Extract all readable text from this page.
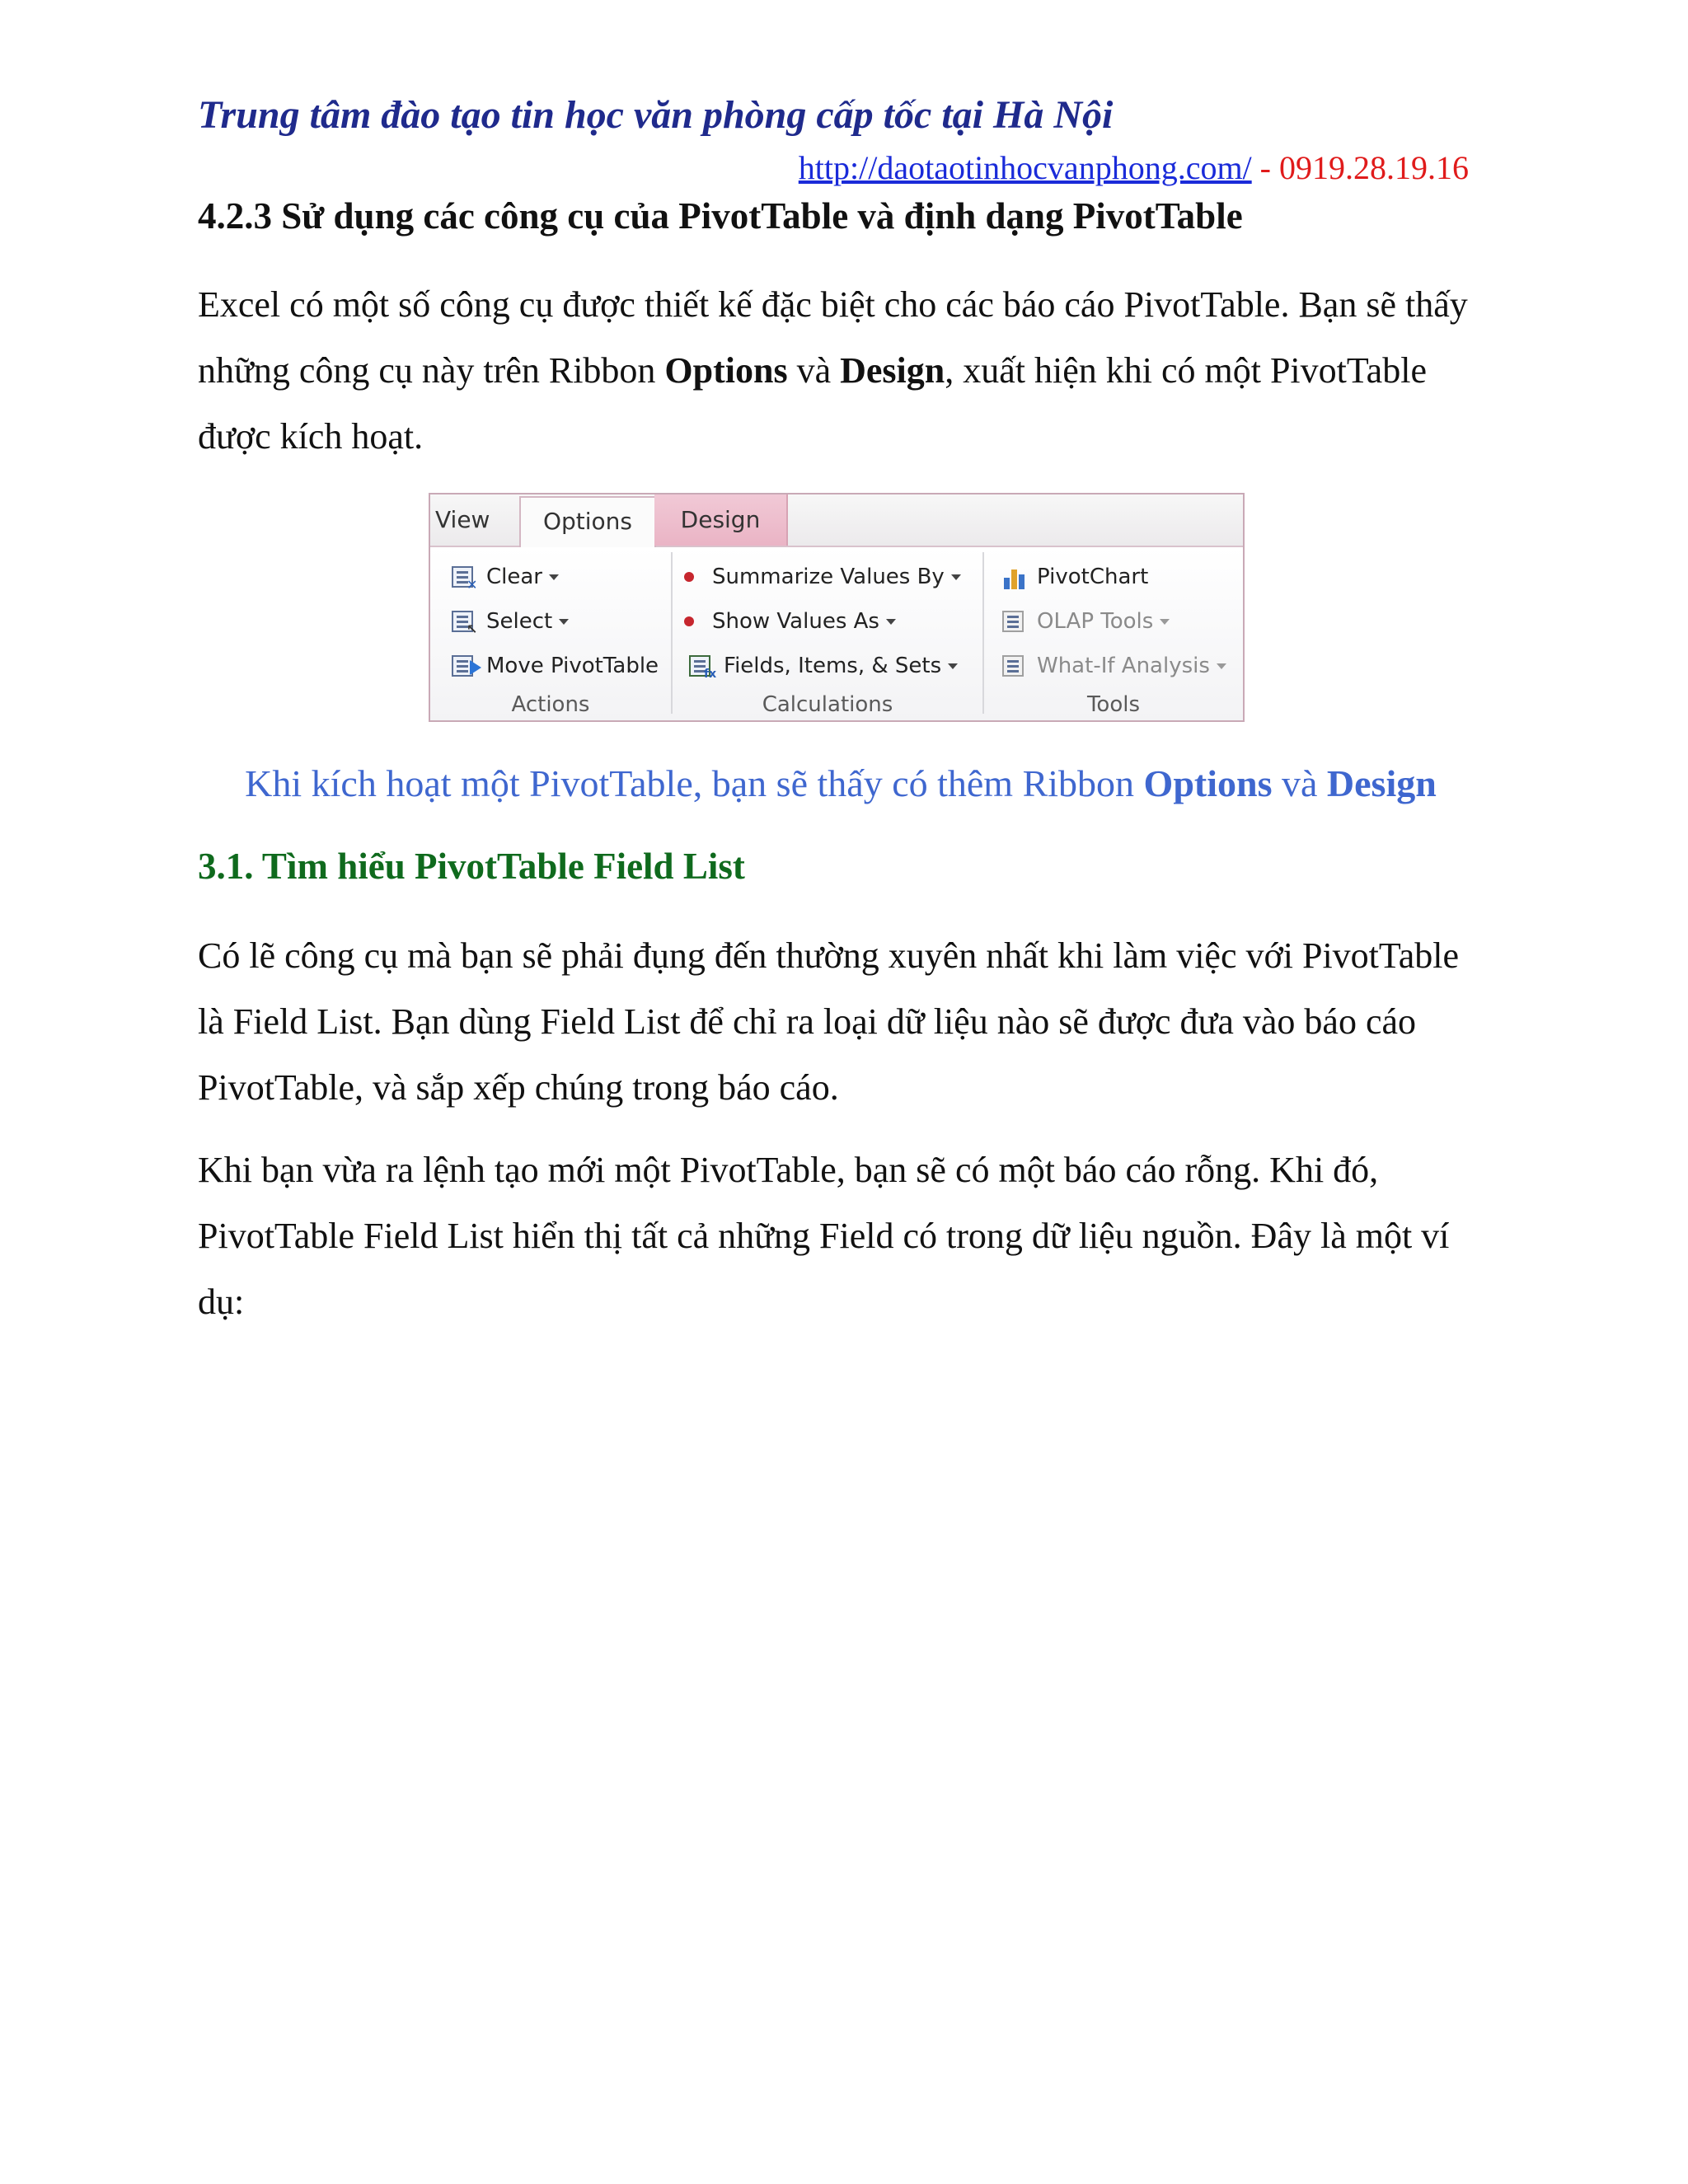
Trung tâm đào tạo tin học văn phòng cấp tốc tại Hà Nội
http://daotaotinhocvanphong.com/ - 0919.28.19.16
4.2.3 Sử dụng các công cụ của PivotTable và định dạng PivotTable
Excel có một số công cụ được thiết kế đặc biệt cho các báo cáo PivotTable. Bạn sẽ thấy những công cụ này trên Ribbon Options và Design, xuất hiện khi có một PivotTable được kích hoạt.
View	Options	Design
✕ Clear
↖ Select
Move PivotTable
Actions
Summarize Values By
Show Values As
fx Fields, Items, & Sets
Calculations
PivotChart
OLAP Tools
What-If Analysis
Tools
Khi kích hoạt một PivotTable, bạn sẽ thấy có thêm Ribbon Options và Design
3.1. Tìm hiểu PivotTable Field List
Có lẽ công cụ mà bạn sẽ phải đụng đến thường xuyên nhất khi làm việc với PivotTable là Field List. Bạn dùng Field List để chỉ ra loại dữ liệu nào sẽ được đưa vào báo cáo PivotTable, và sắp xếp chúng trong báo cáo.
Khi bạn vừa ra lệnh tạo mới một PivotTable, bạn sẽ có một báo cáo rỗng. Khi đó, PivotTable Field List hiển thị tất cả những Field có trong dữ liệu nguồn. Đây là một ví dụ:
